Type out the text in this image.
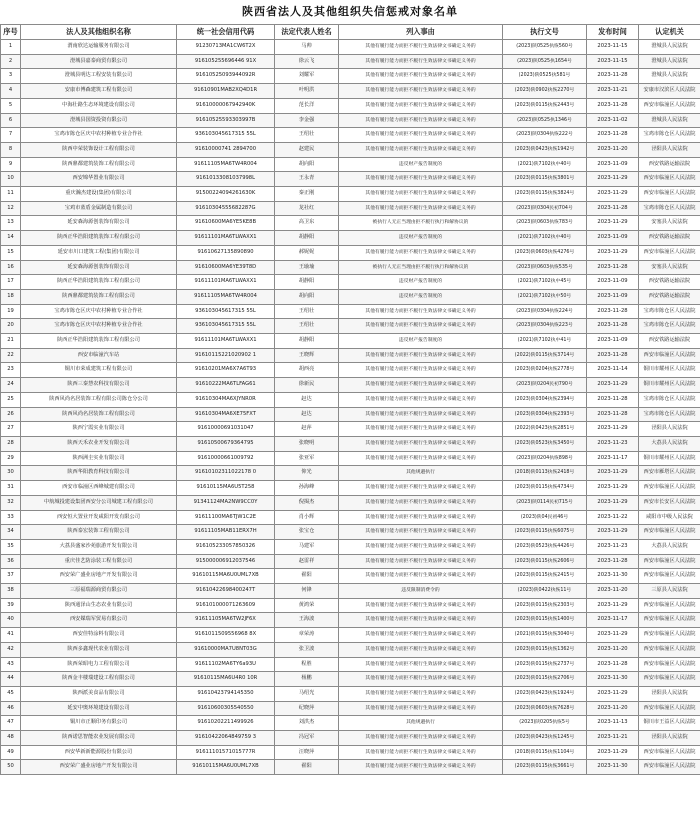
陕西省法人及其他组织失信惩戒对象名单
序号	法人及其他组织名称	统一社会信用代码	法定代表人姓名	列入事由	执行文号	发布时间	认定机关
1	渭南欣达运输服务有限公司	91230713MA1CW6T2X	马帅	其他有履行能力而拒不履行生效法律文书确定义务的	(2023)陕0525执恢560号	2023-11-15	澄城县人民法院
2	澄城县嘉泰商贸有限公司	916105255696446 91X	徐云飞	其他有履行能力而拒不履行生效法律文书确定义务的	(2023)陕0525执1654号	2023-11-15	澄城县人民法院
3	澄城县明达工程安装有限公司	91610525093944092R	刘耀军	其他有履行能力而拒不履行生效法律文书确定义务的	(2023)陕0525执581号	2023-11-28	澄城县人民法院
4	安康市博森建筑工程有限公司	91610901MAB2XQ4D1R	叶明洪	其他有履行能力而拒不履行生效法律文书确定义务的	(2023)陕0902执恢2270号	2023-11-21	安康市汉滨区人民法院
5	中海壮路生态环境建设有限公司	91610000067942940K	范长洋	其他有履行能力而拒不履行生效法律文书确定义务的	(2023)陕0115执恢2443号	2023-11-28	西安市临潼区人民法院
6	澄城县国资投资有限公司	91610525593303997B	李金强	其他有履行能力而拒不履行生效法律文书确定义务的	(2023)陕0525执1346号	2023-11-02	澄城县人民法院
7	宝鸡市陈仓区庆中农村种植专业合作社	936103045617315 55L	王绍壮	其他有履行能力而拒不履行生效法律文书确定义务的	(2023)陕0304执恢222号	2023-11-28	宝鸡市陈仓区人民法院
8	陕西中荣装饰设计工程有限公司	91610000741 2894700	赵建民	其他有履行能力而拒不履行生效法律文书确定义务的	(2023)陕0423执恢1942号	2023-11-20	泾阳县人民法院
9	陕西鼎都建筑装饰工程有限公司	91611105MA6TW4R004	胡向阳	违反财产报告制度的	(2021)陕7102执中40号	2023-11-09	西安铁路运输法院
10	西安锦华置业有限公司	91610133081037998L	王永青	其他有履行能力而拒不履行生效法律文书确定义务的	(2023)陕0115执恢3801号	2023-11-29	西安市临潼区人民法院
11	重庆瀚杰建设(集团)有限公司	91500224094261630K	秦正刚	其他有履行能力而拒不履行生效法律文书确定义务的	(2023)陕0115执恢3824号	2023-11-29	西安市临潼区人民法院
12	宝鸡市蓝盾金属制造有限公司	91610304555682287G	龙社红	其他有履行能力而拒不履行生效法律文书确定义务的	(2023)陕0304民初704号	2023-11-28	宝鸡市陈仓区人民法院
13	延安森海源创装饰有限公司	91610600MA6YE5KE8B	高卫东	被执行人无正当理由拒不履行执行和解协议的	(2023)陕0603执恢783号	2023-11-29	安塞县人民法院
14	陕西正华浩阳建筑装饰工程有限公司	91611101MA6TLWAXX1	胡静阳	违反财产报告制度的	(2021)陕7102执中40号	2023-11-09	西安铁路运输法院
15	延安市川口建筑工程(集团)有限公司	91610627135890890	郝妮妮	其他有履行能力而拒不履行生效法律文书确定义务的	(2023)陕0603执恢4276号	2023-11-29	西安市临潼区人民法院
16	延安森海源创装饰有限公司	91610600MA6YE39T8D	王瑜瑜	被执行人无正当理由拒不履行执行和解协议的	(2023)陕0603执恢535号	2023-11-28	安塞县人民法院
17	陕西正华浩阳建筑装饰工程有限公司	91611101MA6TLWAXX1	胡静阳	违反财产报告制度的	(2021)陕7102执中45号	2023-11-09	西安铁路运输法院
18	陕西鼎都建筑装饰工程有限公司	91611105MA6TW4R004	胡向阳	违反财产报告制度的	(2021)陕7102执中50号	2023-11-09	西安铁路运输法院
19	宝鸡市陈仓区庆中农村种植专业合作社	936103045617315 55L	王绍壮	其他有履行能力而拒不履行生效法律文书确定义务的	(2023)陕0304执恢224号	2023-11-28	宝鸡市陈仓区人民法院
20	宝鸡市陈仓区庆中农村种植专业合作社	936103045617315 55L	王绍壮	其他有履行能力而拒不履行生效法律文书确定义务的	(2023)陕0304执恢223号	2023-11-28	宝鸡市陈仓区人民法院
21	陕西正华浩阳建筑装饰工程有限公司	91611101MA6TLWAXX1	胡静阳	违反财产报告制度的	(2021)陕7102执中41号	2023-11-09	西安铁路运输法院
22	西安市临潼汽车站	91610115221020902 1	王晓辉	其他有履行能力而拒不履行生效法律文书确定义务的	(2022)陕0115执恢3714号	2023-11-28	西安市临潼区人民法院
23	铜川市荣成建筑工程有限公司	91610201MA6X7A6T93	胡西亮	其他有履行能力而拒不履行生效法律文书确定义务的	(2023)陕0204执恢2778号	2023-11-14	铜川市耀州区人民法院
24	陕西三秦慧农科技有限公司	91610222MA6TLFAG61	徐新民	其他有履行能力而拒不履行生效法律文书确定义务的	(2023)陕0204民初790号	2023-11-29	铜川市耀州区人民法院
25	陕西风尚名居装饰工程有限公司陈仓分公司	91610304MA6XJYNR0R	赵达	其他有履行能力而拒不履行生效法律文书确定义务的	(2023)陕0304执恢2394号	2023-11-28	宝鸡市陈仓区人民法院
26	陕西风尚名居装饰工程有限公司	91610304MA6XE75FXT	赵达	其他有履行能力而拒不履行生效法律文书确定义务的	(2023)陕0304执恢2393号	2023-11-28	宝鸡市陈仓区人民法院
27	陕西宁霞实业有限公司	91610000691031047	赵萍	其他有履行能力而拒不履行生效法律文书确定义务的	(2022)陕0423执恢2851号	2023-11-29	泾阳县人民法院
28	陕西天禾农业开发有限公司	91610500679364795	张晓明	其他有履行能力而拒不履行生效法律文书确定义务的	(2023)陕0523执恢3450号	2023-11-23	大荔县人民法院
29	陕西洲圭实业有限公司	91610000661009792	张亚军	其他有履行能力而拒不履行生效法律文书确定义务的	(2023)陕0204执恢898号	2023-11-17	铜川市耀州区人民法院
30	陕西华阳教育科技有限公司	91610102311022178 0	仰光	其他规避执行	(2018)陕0113执恢2418号	2023-11-29	西安市雁塔区人民法院
31	西安市临潼区西峰城建有限公司	91610115MA6U5T258	孙海峰	其他有履行能力而拒不履行生效法律文书确定义务的	(2023)陕0115执恢4734号	2023-11-29	西安市临潼区人民法院
32	中航城投建设集团西安分公司城建工程有限公司	91341124MA2NW9CC0Y	倪揭杰	其他有履行能力而拒不履行生效法律文书确定义务的	(2023)陕0114民初715号	2023-11-29	西安市长安区人民法院
33	西安恒大置业开发咸阳开发有限公司	91611100MA6TJW1C2E	肖小辉	其他有履行能力而拒不履行生效法律文书确定义务的	(2023)陕04民初46号	2023-11-22	咸阳市中级人民法院
34	陕西泰宏装饰工程有限公司	91611105MAB11ERX7H	张宝仓	其他有履行能力而拒不履行生效法律文书确定义务的	(2023)陕0115执恢6075号	2023-11-29	西安市临潼区人民法院
35	大荔县盛家沙苑旅游开发有限公司	916105233057850326	马建军	其他有履行能力而拒不履行生效法律文书确定义务的	(2023)陕0523执恢4426号	2023-11-23	大荔县人民法院
36	重庆佳艺防涂装工程有限公司	915000006912037546	赵雷祥	其他有履行能力而拒不履行生效法律文书确定义务的	(2023)陕0115执恢2606号	2023-11-28	西安市临潼区人民法院
37	西安荣广盛业房地产开发有限公司	91610115MA6U0UML7XB	翟阳	其他有履行能力而拒不履行生效法律文书确定义务的	(2023)陕0115执恢2415号	2023-11-30	西安市临潼区人民法院
38	三原福瑞源商贸有限公司	91610422698400247T	何锋	违反限制消费令的	(2023)陕0422执恢11号	2023-11-20	三原县人民法院
39	陕西通泽山生态农业有限公司	916101000071263609	黄鸿荣	其他有履行能力而拒不履行生效法律文书确定义务的	(2023)陕0115执恢2303号	2023-11-29	西安市临潼区人民法院
40	西安媒瑞军贸易有限公司	91611105MA6TW2JF6X	王海波	其他有履行能力而拒不履行生效法律文书确定义务的	(2023)陕0115执恢1400号	2023-11-17	西安市临潼区人民法院
41	西安佳特涂料有限公司	9161011509556968 8X	章荣涛	其他有履行能力而拒不履行生效法律文书确定义务的	(2021)陕0115执恢3040号	2023-11-29	西安市临潼区人民法院
42	陕西多鑫现代农业有限公司	91610000MA7U8NT03G	张卫波	其他有履行能力而拒不履行生效法律文书确定义务的	(2023)陕0115执恢1362号	2023-11-20	西安市临潼区人民法院
43	陕西荣昭电力工程有限公司	91611102MA6TY6a93U	程胜	其他有履行能力而拒不履行生效法律文书确定义务的	(2023)陕0115执恢2737号	2023-11-28	西安市临潼区人民法院
44	陕西金丰楼瑞建设工程有限公司	91610115MA6U4R0 10R	杨鹏	其他有履行能力而拒不履行生效法律文书确定义务的	(2023)陕0115执恢2706号	2023-11-30	西安市临潼区人民法院
45	陕西派美食品有限公司	91610423794145350	马绍光	其他有履行能力而拒不履行生效法律文书确定义务的	(2023)陕0423执恢1924号	2023-11-29	泾阳县人民法院
46	延安中奥环境建设有限公司	91610600305540550	纪晓萍	其他有履行能力而拒不履行生效法律文书确定义务的	(2023)陕0603执恢7628号	2023-11-20	西安市临潼区人民法院
47	铜川市正顺印务有限公司	91610202211499926	刘洪杰	其他规避执行	(2023)陕0205执恢5号	2023-11-13	铜川市王益区人民法院
48	陕西诺思智能农业发展有限公司	91610422064849759 3	冯冠军	其他有履行能力而拒不履行生效法律文书确定义务的	(2023)陕0423执恢1245号	2023-11-21	泾阳县人民法院
49	西安华新新能源股份有限公司	91611101571015777R	汪晓萍	其他有履行能力而拒不履行生效法律文书确定义务的	(2018)陕0115执恢1104号	2023-11-29	西安市临潼区人民法院
50	西安荣广盛业房地产开发有限公司	91610115MA6U0UML7XB	翟阳	其他有履行能力而拒不履行生效法律文书确定义务的	(2023)陕0115执恢3661号	2023-11-30	西安市临潼区人民法院
